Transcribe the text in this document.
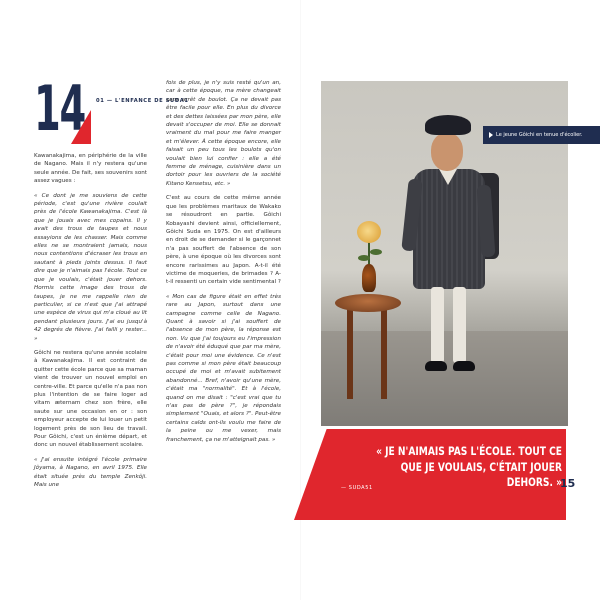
14 01 — L'ENFANCE DE SUDA1

Kawanakajima, en périphérie de la ville de Nagano. Mais il n'y restera qu'une seule année. De fait, ses souvenirs sont assez vagues :

« Ce dont je me souviens de cette période, c'est qu'une rivière coulait près de l'école Kawanakajima. C'est là que je jouais avec mes copains. Il y avait des trous de taupes et nous essayions de les chasser. Mais comme elles ne se montraient jamais, nous nous contentions d'écraser les trous en sautant à pieds joints dessus. Il faut dire que je n'aimais pas l'école. Tout ce que je voulais, c'était jouer dehors. Hormis cette image des trous de taupes, je ne me rappelle rien de particulier, si ce n'est que j'ai attrapé une espèce de virus qui m'a cloué au lit pendant plusieurs jours. J'ai eu jusqu'à 42 degrés de fièvre. J'ai failli y rester... »

Gôichi ne restera qu'une année scolaire à Kawanakajima. Il est contraint de quitter cette école parce que sa maman vient de trouver un nouvel emploi en centre-ville. Et parce qu'elle n'a pas non plus l'intention de se faire loger ad vitam æternam chez son frère, elle saute sur une occasion en or : son employeur accepte de lui louer un petit logement près de son lieu de travail. Pour Gôichi, c'est un énième départ, et donc un nouvel établissement scolaire.

« J'ai ensuite intégré l'école primaire Jôyama, à Nagano, en avril 1975. Elle était située près du temple Zenkôji. Mais une

fois de plus, je n'y suis resté qu'un an, car à cette époque, ma mère changeait sans arrêt de boulot. Ça ne devait pas être facile pour elle. En plus du divorce et des dettes laissées par mon père, elle devait s'occuper de moi. Elle se donnait vraiment du mal pour me faire manger et m'élever. À cette époque encore, elle faisait un peu tous les boulots qu'on voulait bien lui confier : elle a été femme de ménage, cuisinière dans un dortoir pour les ouvriers de la société Kitano Kensetsu, etc. »

C'est au cours de cette même année que les problèmes maritaux de Wakako se résoudront en partie. Gôichi Kobayashi devient ainsi, officiellement, Gôichi Suda en 1975. On est d'ailleurs en droit de se demander si le garçonnet n'a pas souffert de l'absence de son père, à une époque où les divorces sont encore rarissimes au Japon. A-t-il été victime de moqueries, de brimades ? A-t-il ressenti un certain vide sentimental ?

« Mon cas de figure était en effet très rare au Japon, surtout dans une campagne comme celle de Nagano. Quant à savoir si j'ai souffert de l'absence de mon père, la réponse est non. Vu que j'ai toujours eu l'impression de n'avoir été éduqué que par ma mère, c'était pour moi une évidence. Ce n'est pas comme si mon père était beaucoup occupé de moi et m'avait subitement abandonné... Bref, n'avoir qu'une mère, c'était ma "normalité". Et à l'école, quand on me disait : "c'est vrai que tu n'as pas de père ?", je répondais simplement "Ouais, et alors ?". Peut-être certains caïds ont-ils voulu me faire de la peine ou me vexer, mais franchement, ça ne m'atteignait pas. »

Le jeune Gôichi en tenue d'écolier.
« JE N'AIMAIS PAS L'ÉCOLE. TOUT CE QUE JE VOULAIS, C'ÉTAIT JOUER DEHORS. »
— SUDA51	15
